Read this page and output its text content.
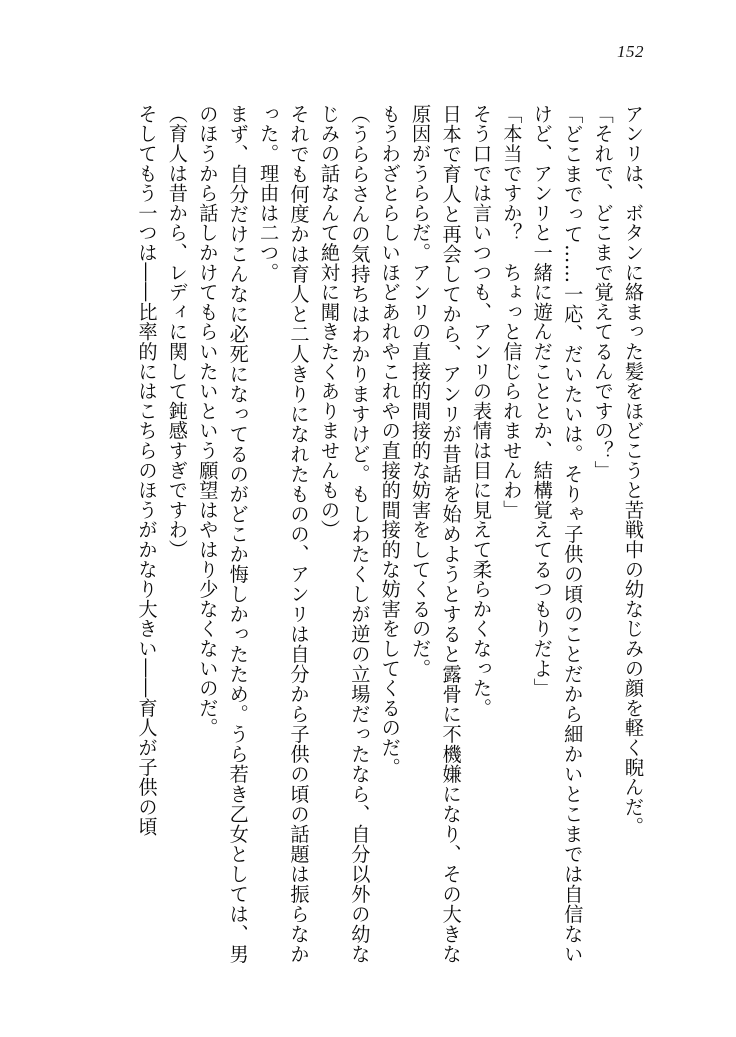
152
アンリは、ボタンに絡まった髪をほどこうと苦戦中の幼なじみの顔を軽く睨んだ。
「それで、どこまで覚えてるんですの？」
「どこまでって……一応、だいたいは。そりゃ子供の頃のことだから細かいとこまでは自信ないけど、アンリと一緒に遊んだこととか、結構覚えてるつもりだよ」
「本当ですか？　ちょっと信じられませんわ」
そう口では言いつつも、アンリの表情は目に見えて柔らかくなった。
日本で育人と再会してから、アンリが昔話を始めようとすると露骨に不機嫌になり、その大きな原因がうららだ。アンリの直接的間接的な妨害をしてくるのだ。
もうわざとらしいほどあれやこれやの直接的間接的な妨害をしてくるのだ。
（うららさんの気持ちはわかりますけど。もしわたくしが逆の立場だったなら、自分以外の幼なじみの話なんて絶対に聞きたくありませんもの）
それでも何度かは育人と二人きりになれたものの、アンリは自分から子供の頃の話題は振らなかった。理由は二つ。
まず、自分だけこんなに必死になってるのがどこか悔しかったため。うら若き乙女としては、男のほうから話しかけてもらいたいという願望はやはり少なくないのだ。
（育人は昔から、レディに関して鈍感すぎですわ）
そしてもう一つは――比率的にはこちらのほうがかなり大きい――育人が子供の頃
